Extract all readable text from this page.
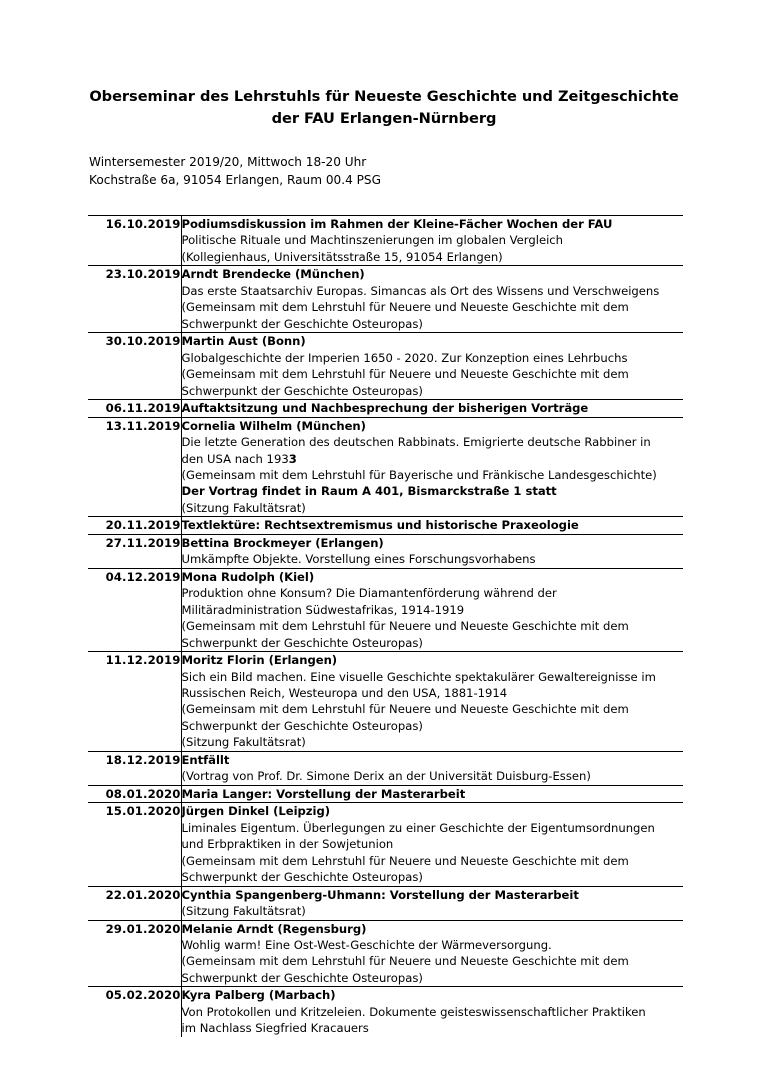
Oberseminar des Lehrstuhls für Neueste Geschichte und Zeitgeschichte
der FAU Erlangen-Nürnberg
Wintersemester 2019/20, Mittwoch 18-20 Uhr
Kochstraße 6a, 91054 Erlangen, Raum 00.4 PSG
16.10.2019	Podiumsdiskussion im Rahmen der Kleine-Fächer Wochen der FAU
Politische Rituale und Machtinszenierungen im globalen Vergleich
(Kollegienhaus, Universitätsstraße 15, 91054 Erlangen)

23.10.2019	Arndt Brendecke (München)
Das erste Staatsarchiv Europas. Simancas als Ort des Wissens und Verschweigens
(Gemeinsam mit dem Lehrstuhl für Neuere und Neueste Geschichte mit dem
Schwerpunkt der Geschichte Osteuropas)

30.10.2019	Martin Aust (Bonn)
Globalgeschichte der Imperien 1650 - 2020. Zur Konzeption eines Lehrbuchs
(Gemeinsam mit dem Lehrstuhl für Neuere und Neueste Geschichte mit dem
Schwerpunkt der Geschichte Osteuropas)

06.11.2019	Auftaktsitzung und Nachbesprechung der bisherigen Vorträge

13.11.2019	Cornelia Wilhelm (München)
Die letzte Generation des deutschen Rabbinats. Emigrierte deutsche Rabbiner in
den USA nach 1933
(Gemeinsam mit dem Lehrstuhl für Bayerische und Fränkische Landesgeschichte)
Der Vortrag findet in Raum A 401, Bismarckstraße 1 statt
(Sitzung Fakultätsrat)

20.11.2019	Textlektüre: Rechtsextremismus und historische Praxeologie

27.11.2019	Bettina Brockmeyer (Erlangen)
Umkämpfte Objekte. Vorstellung eines Forschungsvorhabens

04.12.2019	Mona Rudolph (Kiel)
Produktion ohne Konsum? Die Diamantenförderung während der
Militäradministration Südwestafrikas, 1914-1919
(Gemeinsam mit dem Lehrstuhl für Neuere und Neueste Geschichte mit dem
Schwerpunkt der Geschichte Osteuropas)

11.12.2019	Moritz Florin (Erlangen)
Sich ein Bild machen. Eine visuelle Geschichte spektakulärer Gewaltereignisse im
Russischen Reich, Westeuropa und den USA, 1881-1914
(Gemeinsam mit dem Lehrstuhl für Neuere und Neueste Geschichte mit dem
Schwerpunkt der Geschichte Osteuropas)
(Sitzung Fakultätsrat)

18.12.2019	Entfällt
(Vortrag von Prof. Dr. Simone Derix an der Universität Duisburg-Essen)

08.01.2020	Maria Langer: Vorstellung der Masterarbeit

15.01.2020	Jürgen Dinkel (Leipzig)
Liminales Eigentum. Überlegungen zu einer Geschichte der Eigentumsordnungen
und Erbpraktiken in der Sowjetunion
(Gemeinsam mit dem Lehrstuhl für Neuere und Neueste Geschichte mit dem
Schwerpunkt der Geschichte Osteuropas)

22.01.2020	Cynthia Spangenberg-Uhmann: Vorstellung der Masterarbeit
(Sitzung Fakultätsrat)

29.01.2020	Melanie Arndt (Regensburg)
Wohlig warm! Eine Ost-West-Geschichte der Wärmeversorgung.
(Gemeinsam mit dem Lehrstuhl für Neuere und Neueste Geschichte mit dem
Schwerpunkt der Geschichte Osteuropas)

05.02.2020	Kyra Palberg (Marbach)
Von Protokollen und Kritzeleien. Dokumente geisteswissenschaftlicher Praktiken
im Nachlass Siegfried Kracauers
